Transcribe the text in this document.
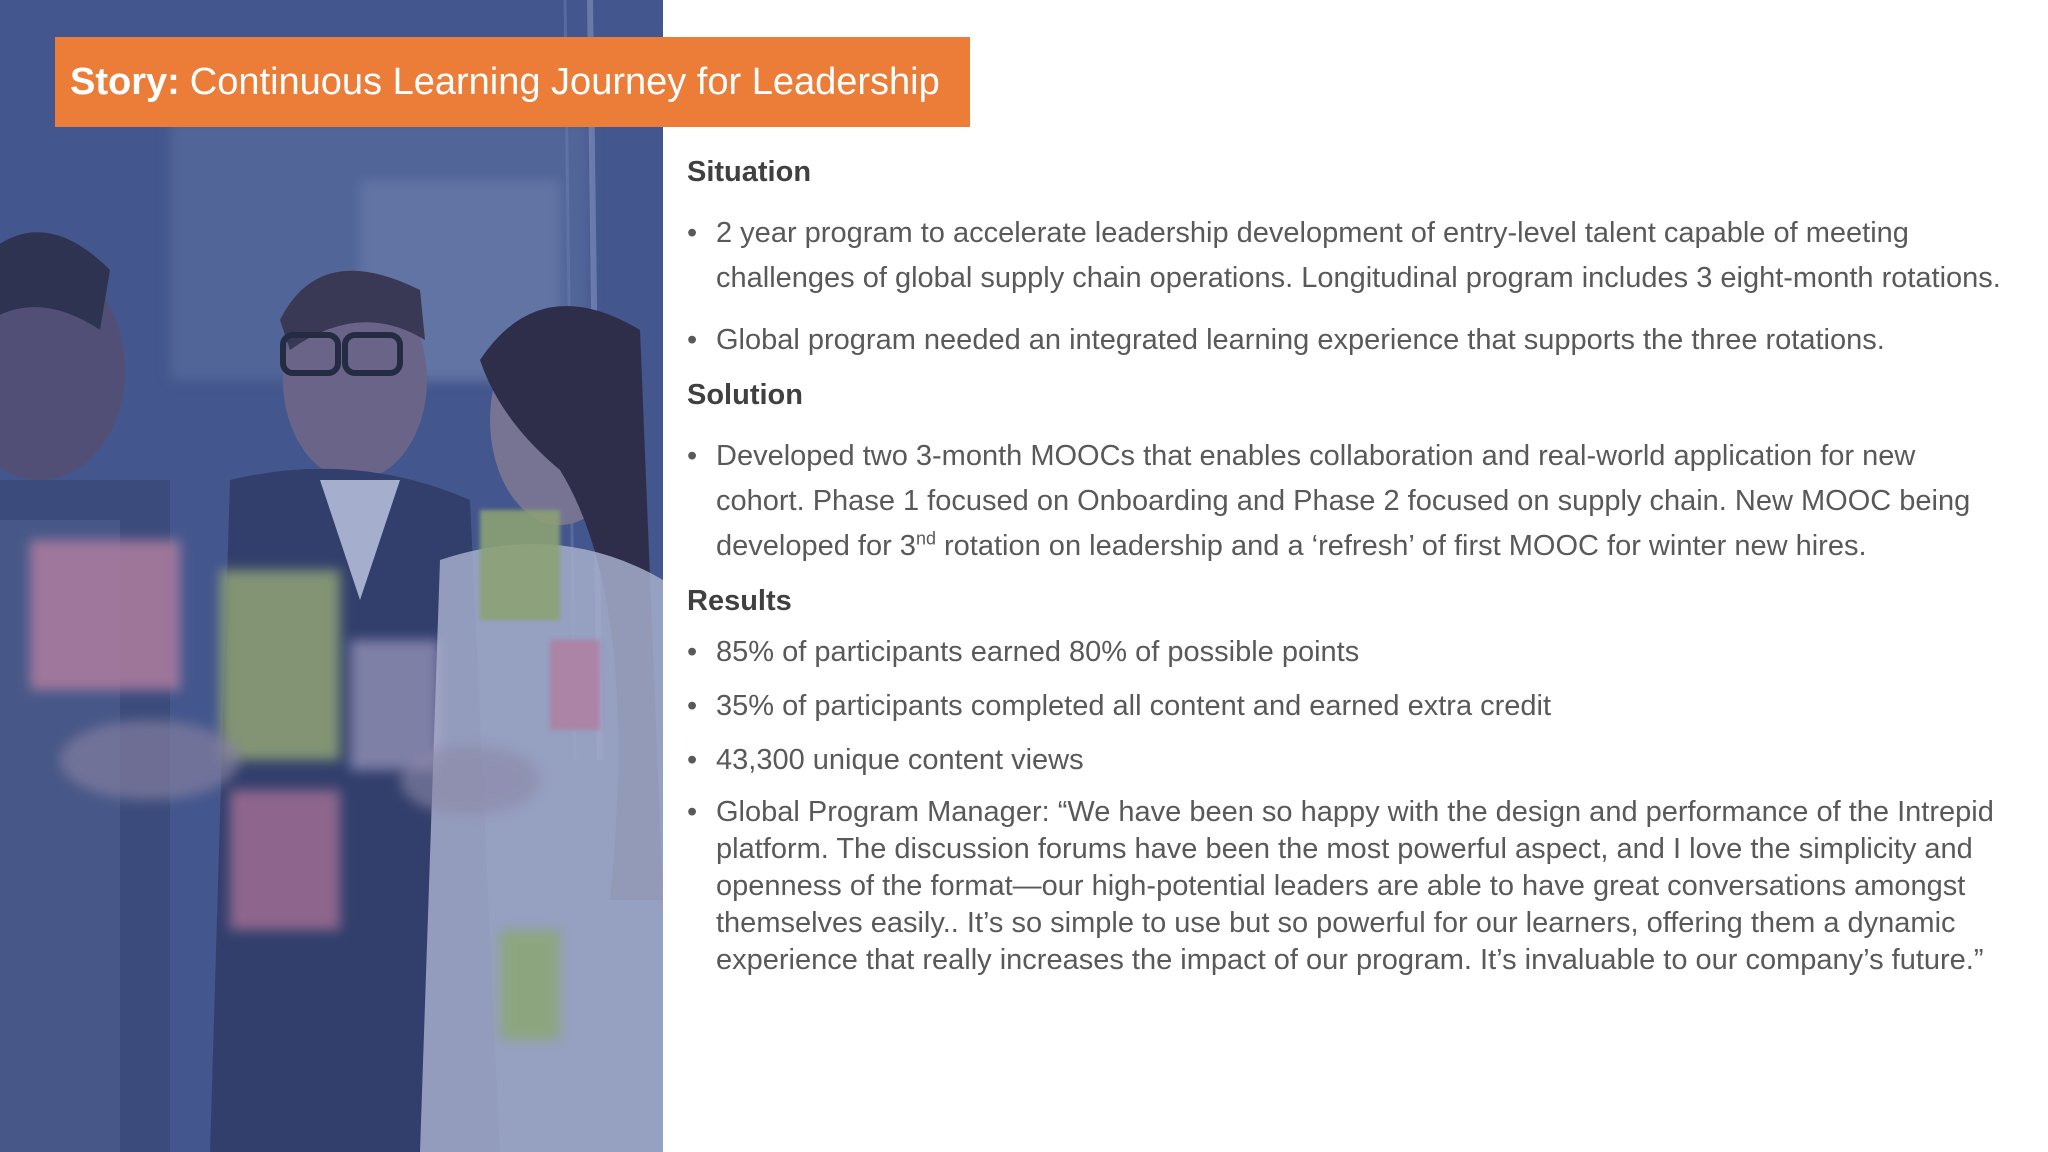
Story: Continuous Learning Journey for Leadership
Situation
• 2 year program to accelerate leadership development of entry-level talent capable of meeting challenges of global supply chain operations. Longitudinal program includes 3 eight-month rotations.
• Global program needed an integrated learning experience that supports the three rotations.
Solution
• Developed two 3-month MOOCs that enables collaboration and real-world application for new cohort. Phase 1 focused on Onboarding and Phase 2 focused on supply chain. New MOOC being developed for 3nd rotation on leadership and a ‘refresh’ of first MOOC for winter new hires.
Results
• 85% of participants earned 80% of possible points
• 35% of participants completed all content and earned extra credit
• 43,300 unique content views
• Global Program Manager: “We have been so happy with the design and performance of the Intrepid platform. The discussion forums have been the most powerful aspect, and I love the simplicity and openness of the format—our high-potential leaders are able to have great conversations amongst themselves easily.. It’s so simple to use but so powerful for our learners, offering them a dynamic experience that really increases the impact of our program. It’s invaluable to our company’s future.”
